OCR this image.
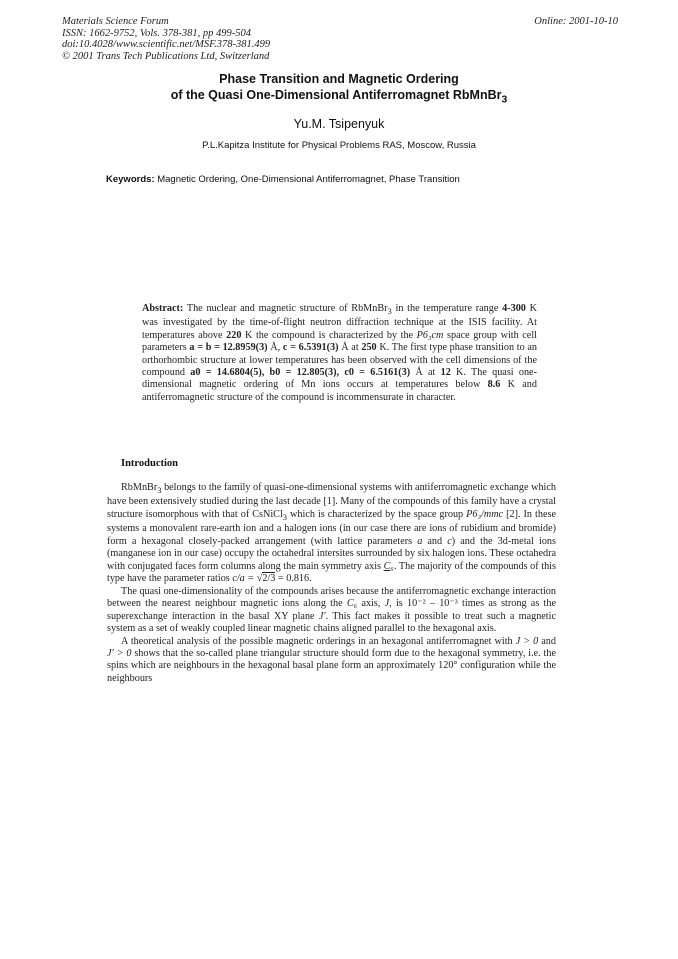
Materials Science Forum
ISSN: 1662-9752, Vols. 378-381, pp 499-504
doi:10.4028/www.scientific.net/MSF.378-381.499
© 2001 Trans Tech Publications Ltd, Switzerland
Online: 2001-10-10
Phase Transition and Magnetic Ordering
of the Quasi One-Dimensional Antiferromagnet RbMnBr$_3$
Yu.M. Tsipenyuk
P.L.Kapitza Institute for Physical Problems RAS, Moscow, Russia
Keywords: Magnetic Ordering, One-Dimensional Antiferromagnet, Phase Transition
Abstract: The nuclear and magnetic structure of RbMnBr$_3$ in the temperature range 4-300 K was investigated by the time-of-flight neutron diffraction technique at the ISIS facility. At temperatures above 220 K the compound is characterized by the P6₃cm space group with cell parameters a = b = 12.8959(3) Å, c = 6.5391(3) Å at 250 K. The first type phase transition to an orthorhombic structure at lower temperatures has been observed with the cell dimensions of the compound a0 = 14.6804(5), b0 = 12.805(3), c0 = 6.5161(3) Å at 12 K. The quasi one-dimensional magnetic ordering of Mn ions occurs at temperatures below 8.6 K and antiferromagnetic structure of the compound is incommensurate in character.
Introduction

RbMnBr$_3$ belongs to the family of quasi-one-dimensional systems with antiferromagnetic exchange which have been extensively studied during the last decade [1]. Many of the compounds of this family have a crystal structure isomorphous with that of CsNiCl$_3$ which is characterized by the space group P6₃/mmc [2]. In these systems a monovalent rare-earth ion and a halogen ions (in our case there are ions of rubidium and bromide) form a hexagonal closely-packed arrangement (with lattice parameters a and c) and the 3d-metal ions (manganese ion in our case) occupy the octahedral intersites surrounded by six halogen ions. These octahedra with conjugated faces form columns along the main symmetry axis C₆. The majority of the compounds of this type have the parameter ratios c/a = √2/3 = 0.816.

The quasi one-dimensionality of the compounds arises because the antiferromagnetic exchange interaction between the nearest neighbour magnetic ions along the C₆ axis, J, is 10⁻² – 10⁻³ times as strong as the superexchange interaction in the basal XY plane J′. This fact makes it possible to treat such a magnetic system as a set of weakly coupled linear magnetic chains aligned parallel to the hexagonal axis.

A theoretical analysis of the possible magnetic orderings in an hexagonal antiferromagnet with J > 0 and J′ > 0 shows that the so-called plane triangular structure should form due to the hexagonal symmetry, i.e. the spins which are neighbours in the hexagonal basal plane form an approximately 120° configuration while the neighbours
